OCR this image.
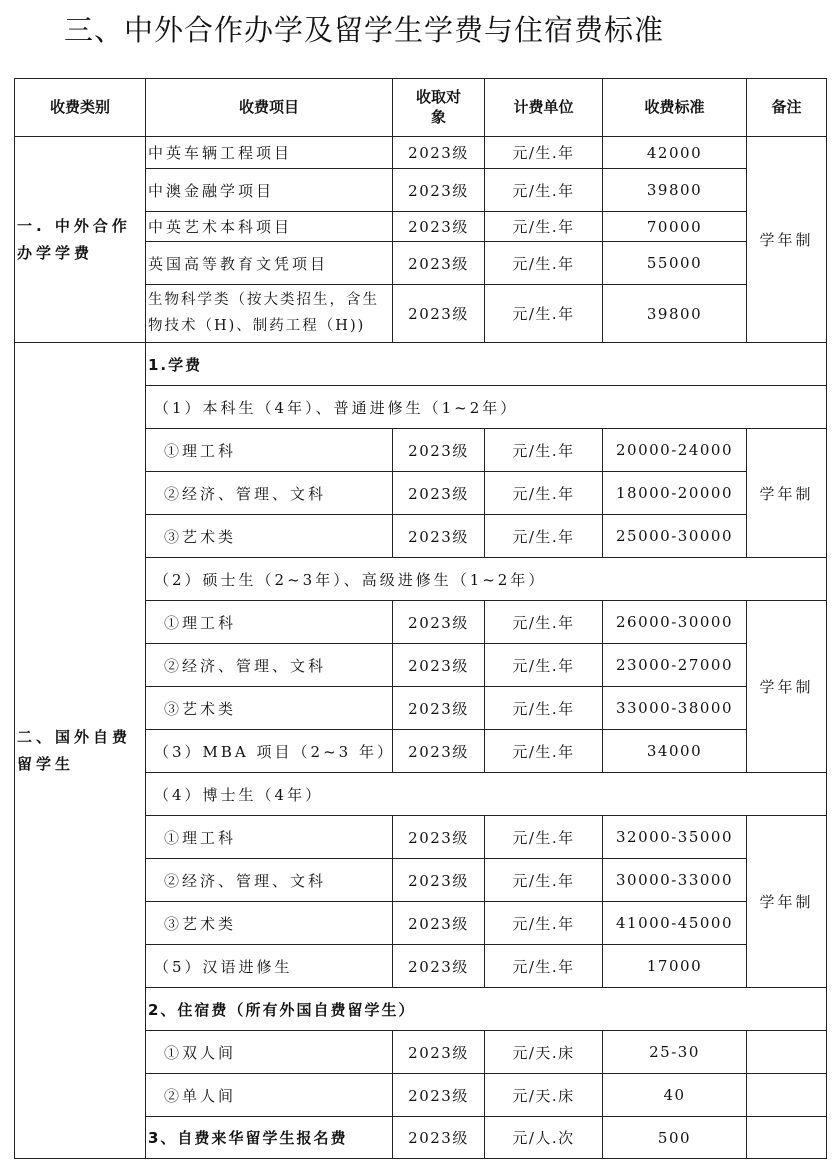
三、中外合作办学及留学生学费与住宿费标准
收费类别	收费项目	收取对象	计费单位	收费标准	备注
一. 中外合作办学学费	中英车辆工程项目	2023级	元/生.年	42000	学年制
	中澳金融学项目	2023级	元/生.年	39800	
	中英艺术本科项目	2023级	元/生.年	70000	
	英国高等教育文凭项目	2023级	元/生.年	55000	
	生物科学类（按大类招生，含生物技术（H)、制药工程（H))	2023级	元/生.年	39800	
二、国外自费留学生	1.学费				
	（1）本科生（4年）、普通进修生（1~2年）				
	①理工科	2023级	元/生.年	20000-24000	学年制
	②经济、管理、文科	2023级	元/生.年	18000-20000	
	③艺术类	2023级	元/生.年	25000-30000	
	（2）硕士生（2~3年）、高级进修生（1~2年）				
	①理工科	2023级	元/生.年	26000-30000	学年制
	②经济、管理、文科	2023级	元/生.年	23000-27000	
	③艺术类	2023级	元/生.年	33000-38000	
	（3）MBA 项目（2~3 年）	2023级	元/生.年	34000	
	（4）博士生（4年）				
	①理工科	2023级	元/生.年	32000-35000	学年制
	②经济、管理、文科	2023级	元/生.年	30000-33000	
	③艺术类	2023级	元/生.年	41000-45000	
	（5）汉语进修生	2023级	元/生.年	17000	
	2、住宿费（所有外国自费留学生）				
	①双人间	2023级	元/天.床	25-30	
	②单人间	2023级	元/天.床	40	
	3、自费来华留学生报名费	2023级	元/人.次	500	
